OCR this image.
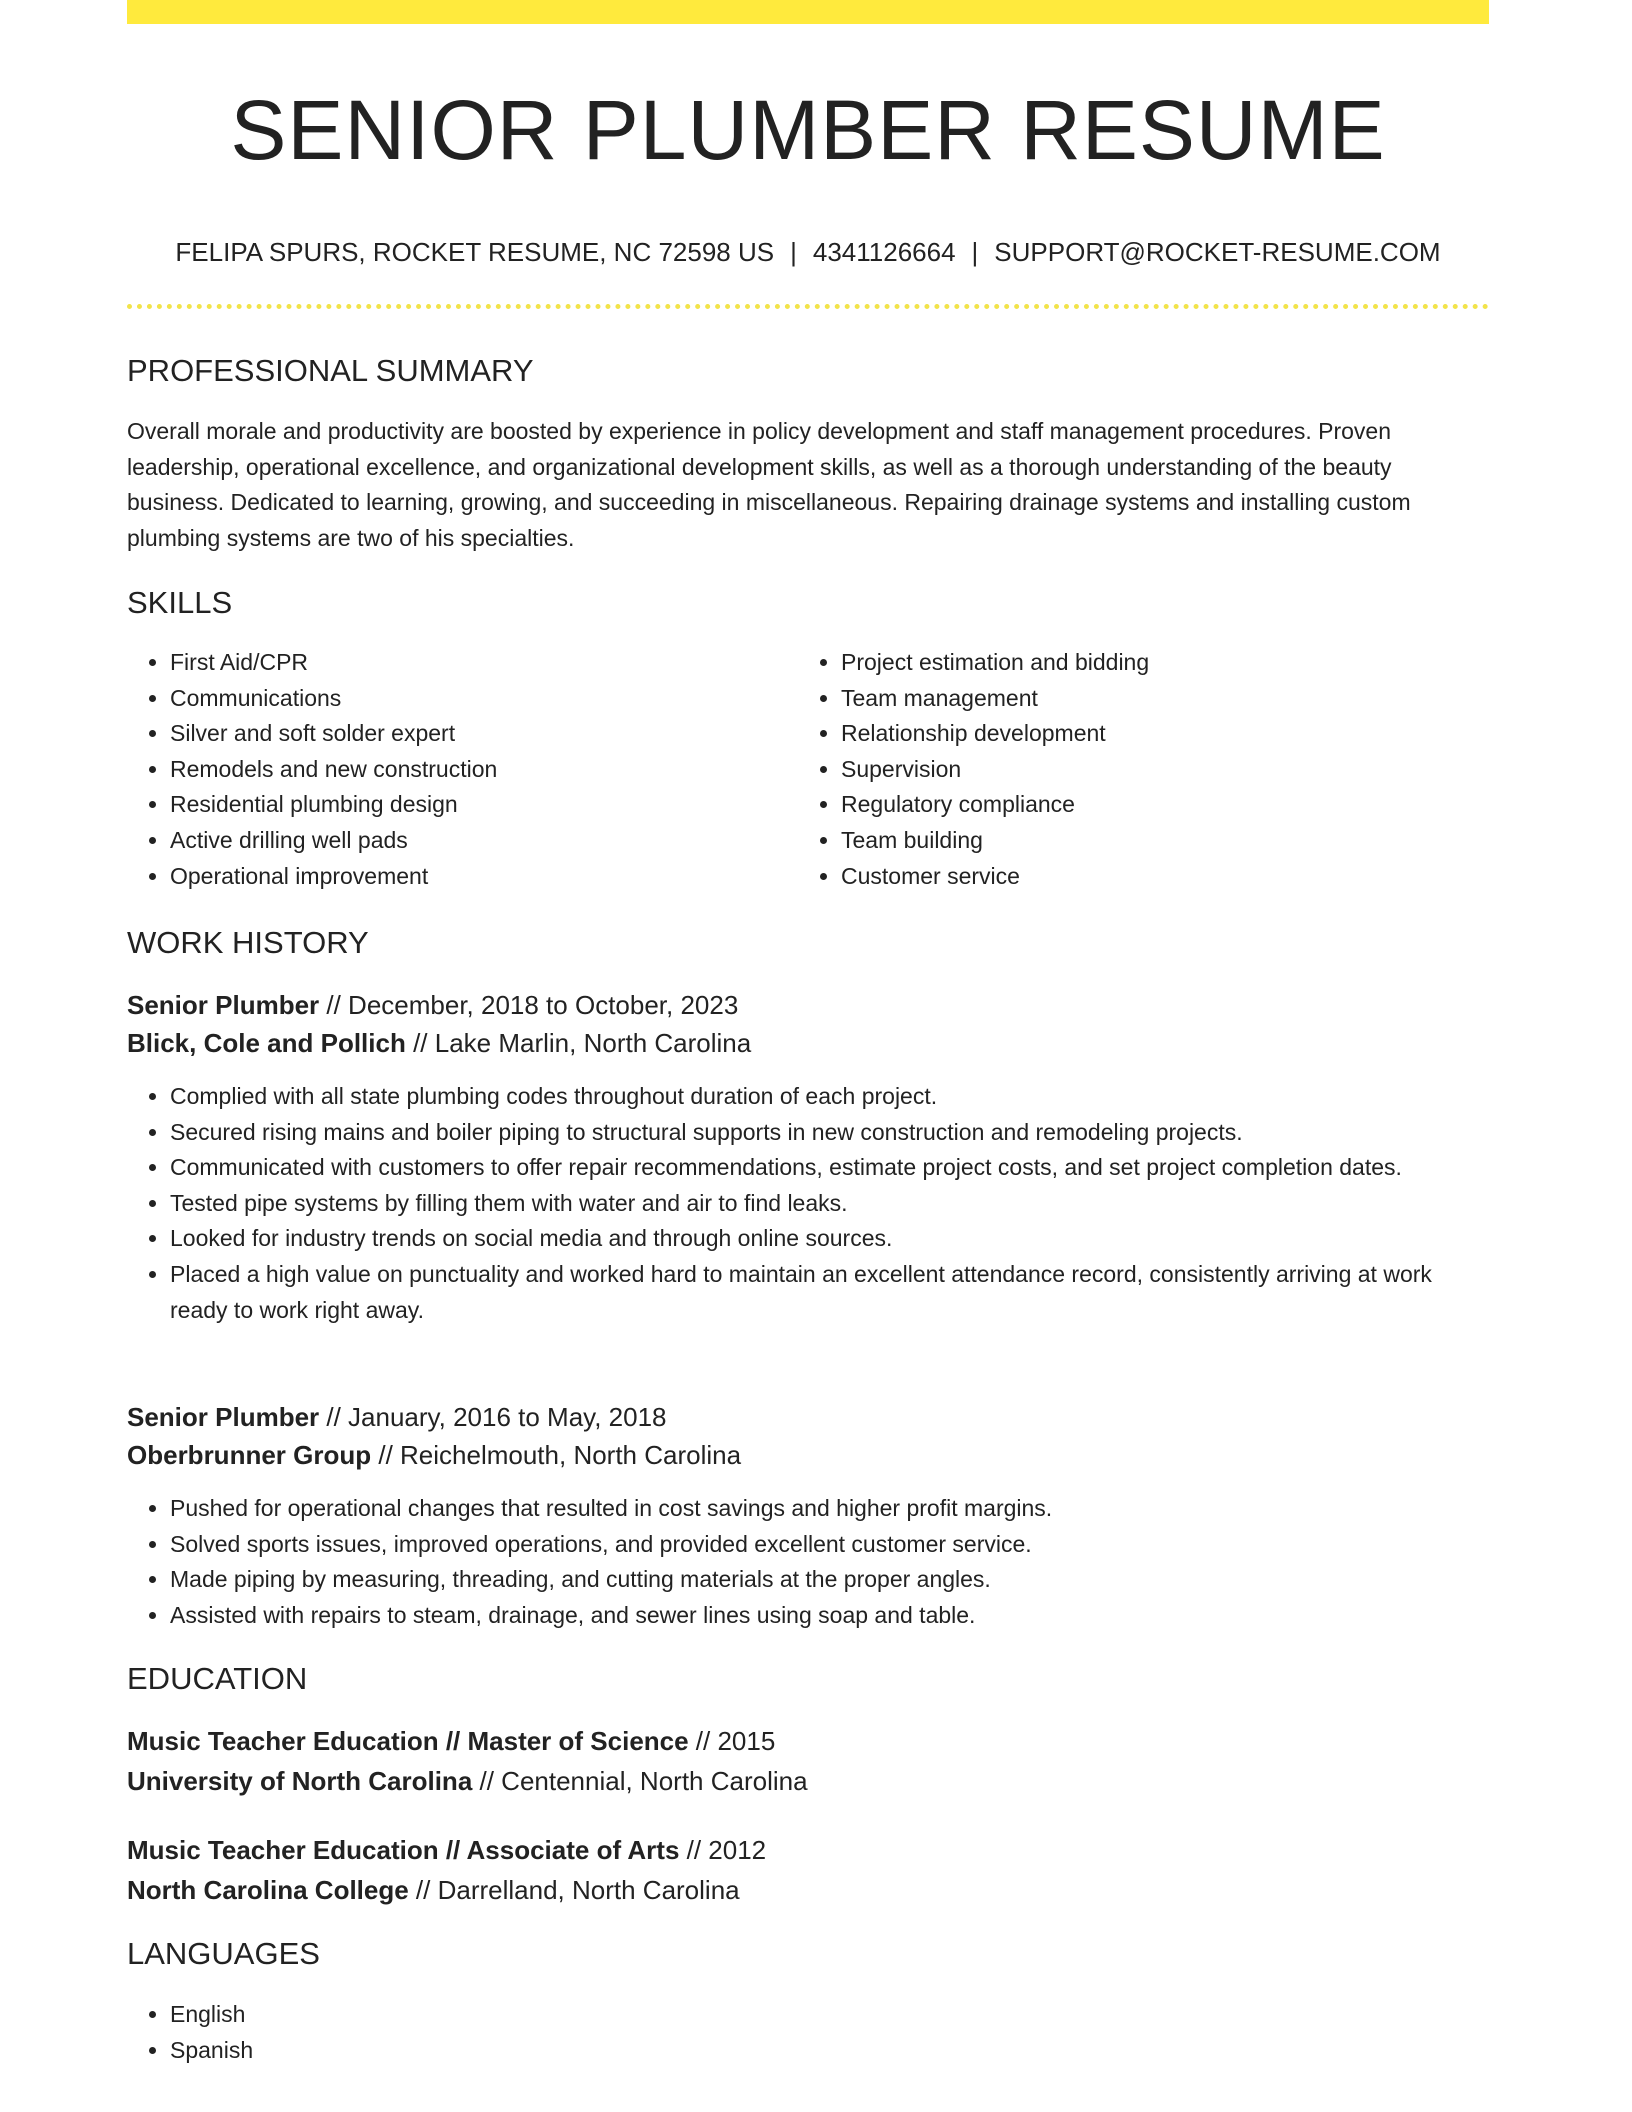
SENIOR PLUMBER RESUME
FELIPA SPURS, ROCKET RESUME, NC 72598 US | 4341126664 | SUPPORT@ROCKET-RESUME.COM
PROFESSIONAL SUMMARY

Overall morale and productivity are boosted by experience in policy development and staff management procedures. Proven leadership, operational excellence, and organizational development skills, as well as a thorough understanding of the beauty business. Dedicated to learning, growing, and succeeding in miscellaneous. Repairing drainage systems and installing custom plumbing systems are two of his specialties.

SKILLS
• First Aid/CPR
• Communications
• Silver and soft solder expert
• Remodels and new construction
• Residential plumbing design
• Active drilling well pads
• Operational improvement
• Project estimation and bidding
• Team management
• Relationship development
• Supervision
• Regulatory compliance
• Team building
• Customer service
WORK HISTORY
Senior Plumber // December, 2018 to October, 2023
Blick, Cole and Pollich // Lake Marlin, North Carolina
• Complied with all state plumbing codes throughout duration of each project.
• Secured rising mains and boiler piping to structural supports in new construction and remodeling projects.
• Communicated with customers to offer repair recommendations, estimate project costs, and set project completion dates.
• Tested pipe systems by filling them with water and air to find leaks.
• Looked for industry trends on social media and through online sources.
• Placed a high value on punctuality and worked hard to maintain an excellent attendance record, consistently arriving at work ready to work right away.
Senior Plumber // January, 2016 to May, 2018
Oberbrunner Group // Reichelmouth, North Carolina
• Pushed for operational changes that resulted in cost savings and higher profit margins.
• Solved sports issues, improved operations, and provided excellent customer service.
• Made piping by measuring, threading, and cutting materials at the proper angles.
• Assisted with repairs to steam, drainage, and sewer lines using soap and table.
EDUCATION
Music Teacher Education // Master of Science // 2015
University of North Carolina // Centennial, North Carolina
Music Teacher Education // Associate of Arts // 2012
North Carolina College // Darrelland, North Carolina
LANGUAGES
• English
• Spanish
